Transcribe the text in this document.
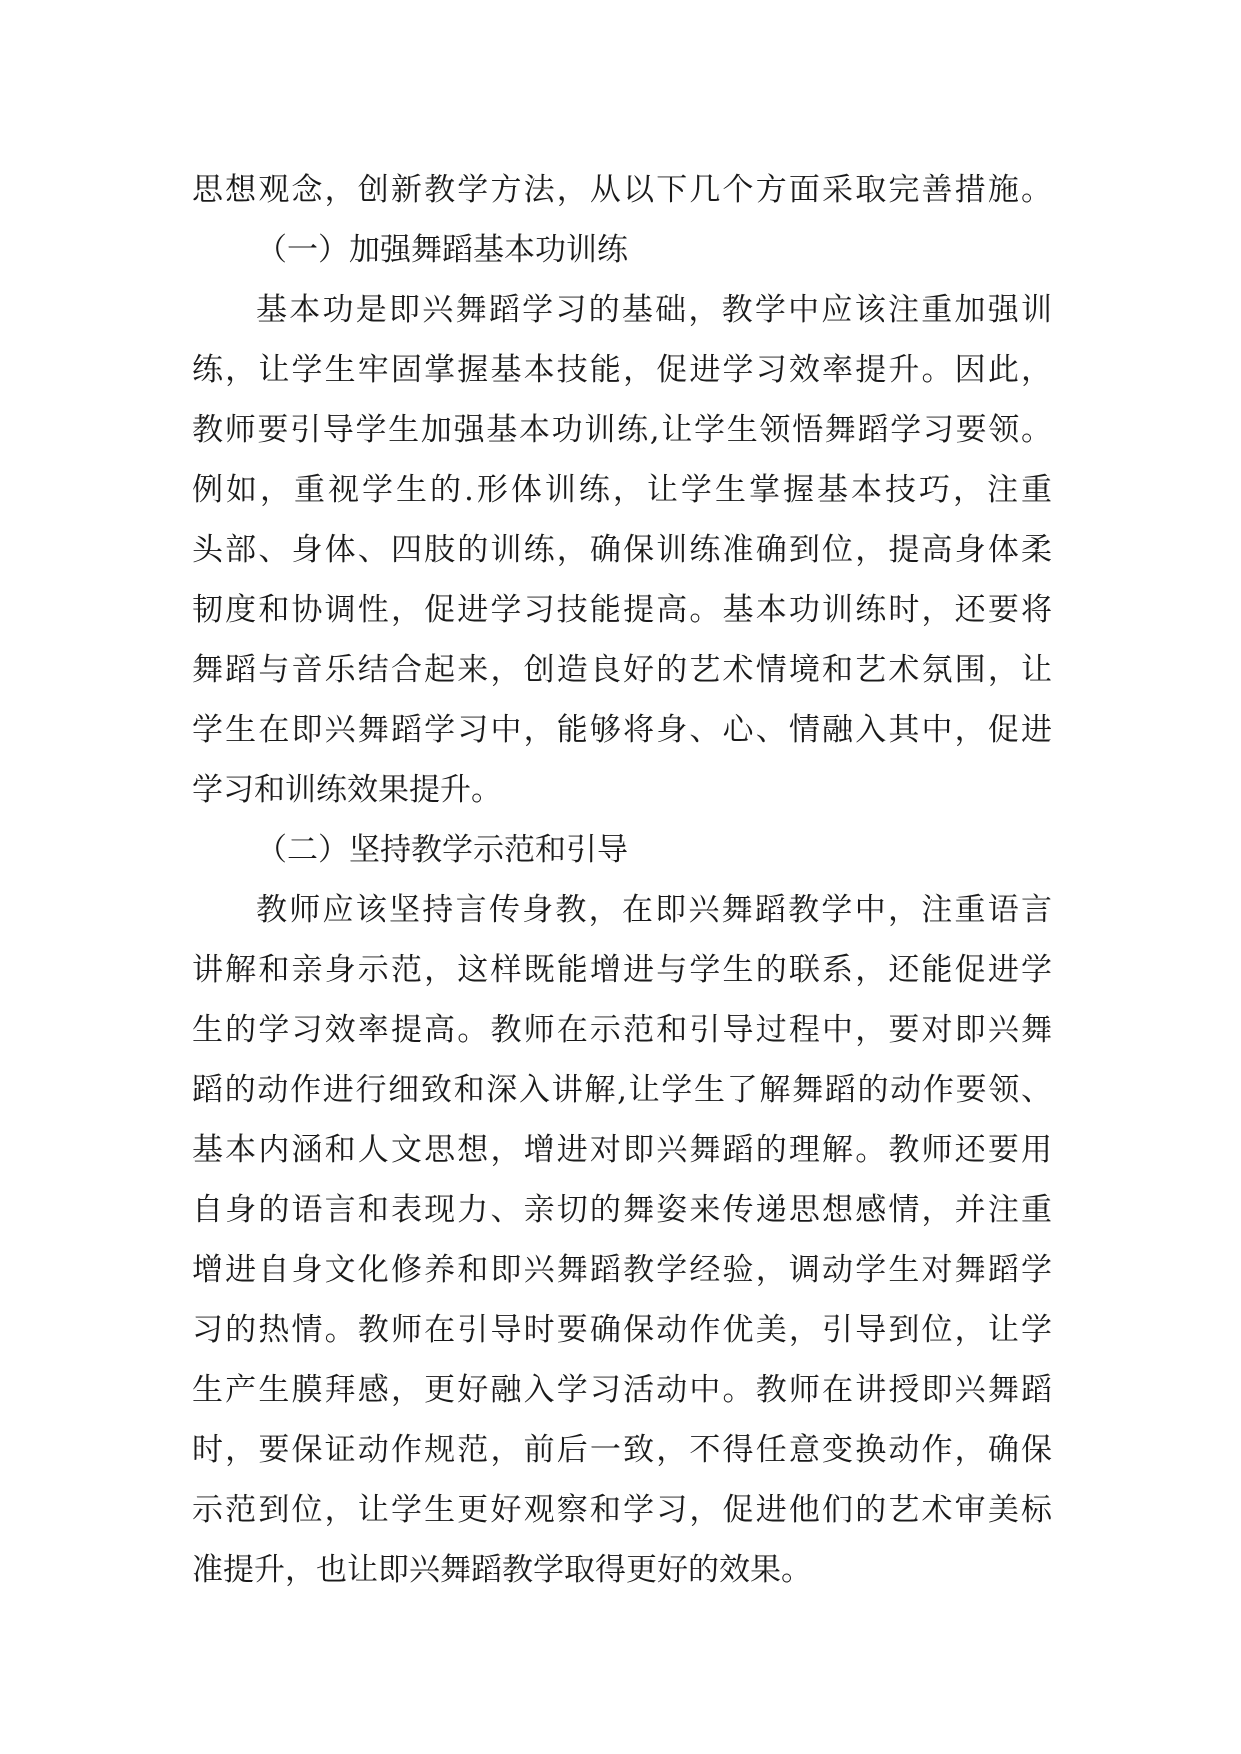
思想观念，创新教学方法，从以下几个方面采取完善措施。
（一）加强舞蹈基本功训练
基本功是即兴舞蹈学习的基础，教学中应该注重加强训
练，让学生牢固掌握基本技能，促进学习效率提升。因此，
教师要引导学生加强基本功训练,让学生领悟舞蹈学习要领。
例如，重视学生的.形体训练，让学生掌握基本技巧，注重
头部、身体、四肢的训练，确保训练准确到位，提高身体柔
韧度和协调性，促进学习技能提高。基本功训练时，还要将
舞蹈与音乐结合起来，创造良好的艺术情境和艺术氛围，让
学生在即兴舞蹈学习中，能够将身、心、情融入其中，促进
学习和训练效果提升。
（二）坚持教学示范和引导
教师应该坚持言传身教，在即兴舞蹈教学中，注重语言
讲解和亲身示范，这样既能增进与学生的联系，还能促进学
生的学习效率提高。教师在示范和引导过程中，要对即兴舞
蹈的动作进行细致和深入讲解,让学生了解舞蹈的动作要领、
基本内涵和人文思想，增进对即兴舞蹈的理解。教师还要用
自身的语言和表现力、亲切的舞姿来传递思想感情，并注重
增进自身文化修养和即兴舞蹈教学经验，调动学生对舞蹈学
习的热情。教师在引导时要确保动作优美，引导到位，让学
生产生膜拜感，更好融入学习活动中。教师在讲授即兴舞蹈
时，要保证动作规范，前后一致，不得任意变换动作，确保
示范到位，让学生更好观察和学习，促进他们的艺术审美标
准提升，也让即兴舞蹈教学取得更好的效果。
